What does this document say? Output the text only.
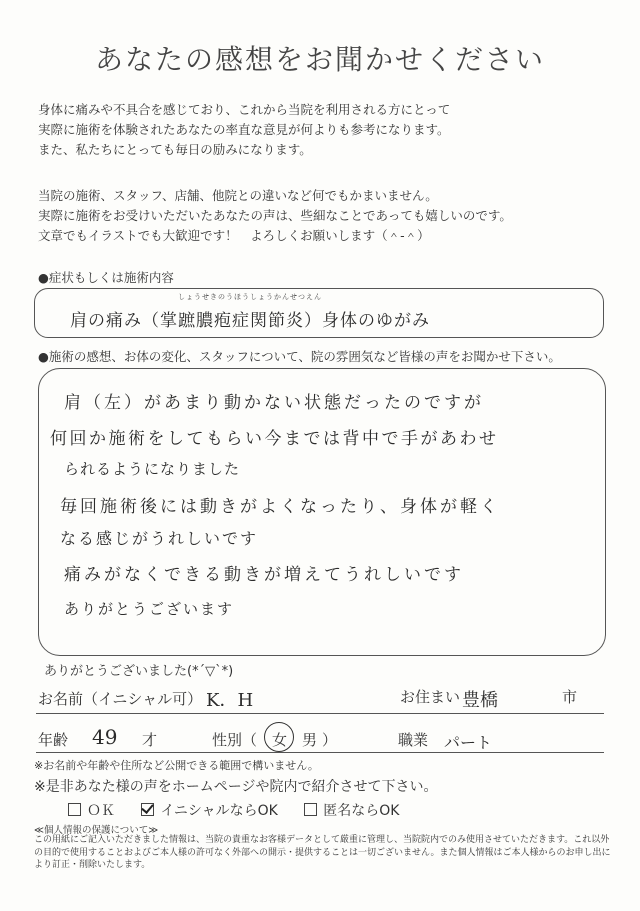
あなたの感想をお聞かせください
身体に痛みや不具合を感じており、これから当院を利用される方にとって
実際に施術を体験されたあなたの率直な意見が何よりも参考になります。
また、私たちにとっても毎日の励みになります。
当院の施術、スタッフ、店舗、他院との違いなど何でもかまいません。
実際に施術をお受けいただいたあなたの声は、些細なことであっても嬉しいのです。
文章でもイラストでも大歓迎です！　よろしくお願いします（＾-＾）
●症状もしくは施術内容
しょうせきのうほうしょうかんせつえん
肩の痛み（掌蹠膿疱症関節炎）身体のゆがみ
●施術の感想、お体の変化、スタッフについて、院の雰囲気など皆様の声をお聞かせ下さい。
肩（左）があまり動かない状態だったのですが
何回か施術をしてもらい今までは背中で手があわせ
られるようになりました
毎回施術後には動きがよくなったり、身体が軽く
なる感じがうれしいです
痛みがなくできる動きが増えてうれしいです
ありがとうございます
ありがとうございました(*´▽`*)
お名前（イニシャル可） K．H	お住まい 豊橋	市
年齢 49 才	性別（ 女 男 ）	職業 パート
※お名前や年齢や住所など公開できる範囲で構いません。
※是非あなた様の声をホームページや院内で紹介させて下さい。
ＯＫ	イニシャルならOK	匿名ならOK
≪個人情報の保護について≫
この用紙にご記入いただきました情報は、当院の貴重なお客様データとして厳重に管理し、当院院内でのみ使用させていただきます。これ以外の目的で使用することおよびご本人様の許可なく外部への開示・提供することは一切ございません。また個人情報はご本人様からのお申し出により訂正・削除いたします。
